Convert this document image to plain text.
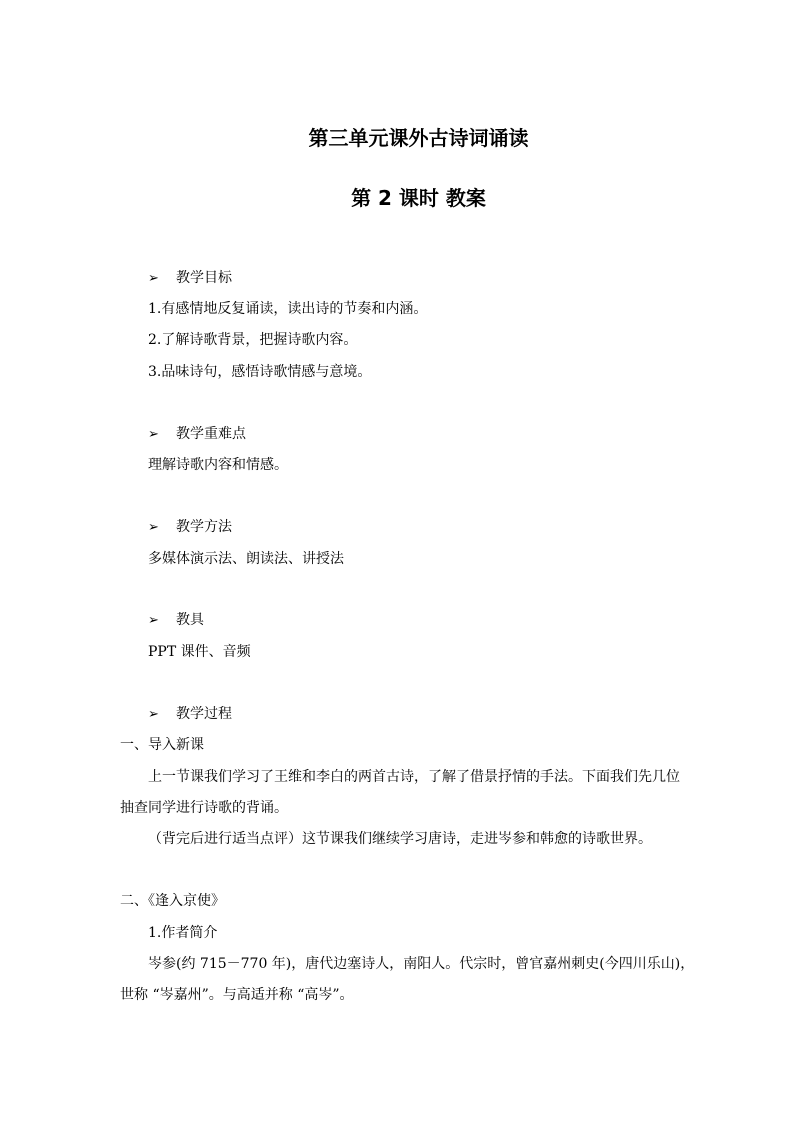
第三单元课外古诗词诵读
第 2 课时 教案
➢ 教学目标
1.有感情地反复诵读，读出诗的节奏和内涵。
2.了解诗歌背景，把握诗歌内容。
3.品味诗句，感悟诗歌情感与意境。
➢ 教学重难点
理解诗歌内容和情感。
➢ 教学方法
多媒体演示法、朗读法、讲授法
➢ 教具
PPT 课件、音频
➢ 教学过程
一、导入新课
上一节课我们学习了王维和李白的两首古诗，了解了借景抒情的手法。下面我们先几位
抽查同学进行诗歌的背诵。
（背完后进行适当点评）这节课我们继续学习唐诗，走进岑参和韩愈的诗歌世界。
二、《逢入京使》
1.作者简介
岑参(约 715－770 年)，唐代边塞诗人，南阳人。代宗时，曾官嘉州刺史(今四川乐山)，
世称 “岑嘉州”。与高适并称 “高岑”。
